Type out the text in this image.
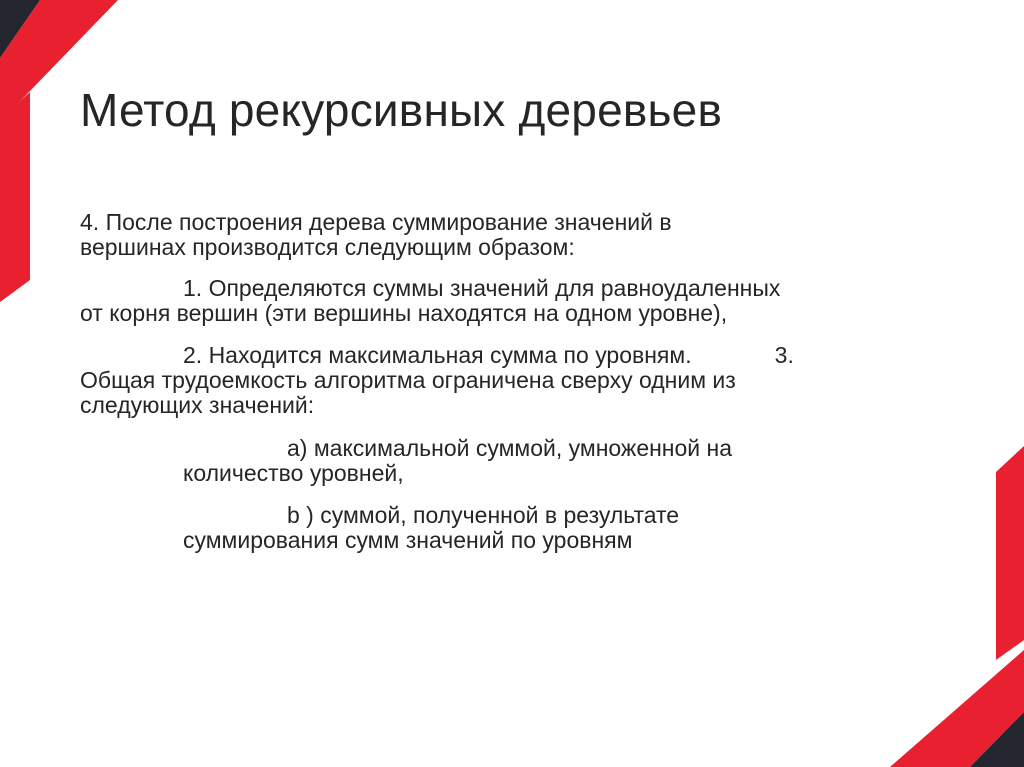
Метод рекурсивных деревьев
4. После построения дерева суммирование значений в
вершинах производится следующим образом:
1. Определяются суммы значений для равноудаленных
от корня вершин (эти вершины находятся на одном уровне),
2. Находится максимальная сумма по уровням.             3.
Общая трудоемкость алгоритма ограничена сверху одним из
следующих значений:
а) максимальной суммой, умноженной на
количество уровней,
b ) суммой, полученной в результате
суммирования сумм значений по уровням
